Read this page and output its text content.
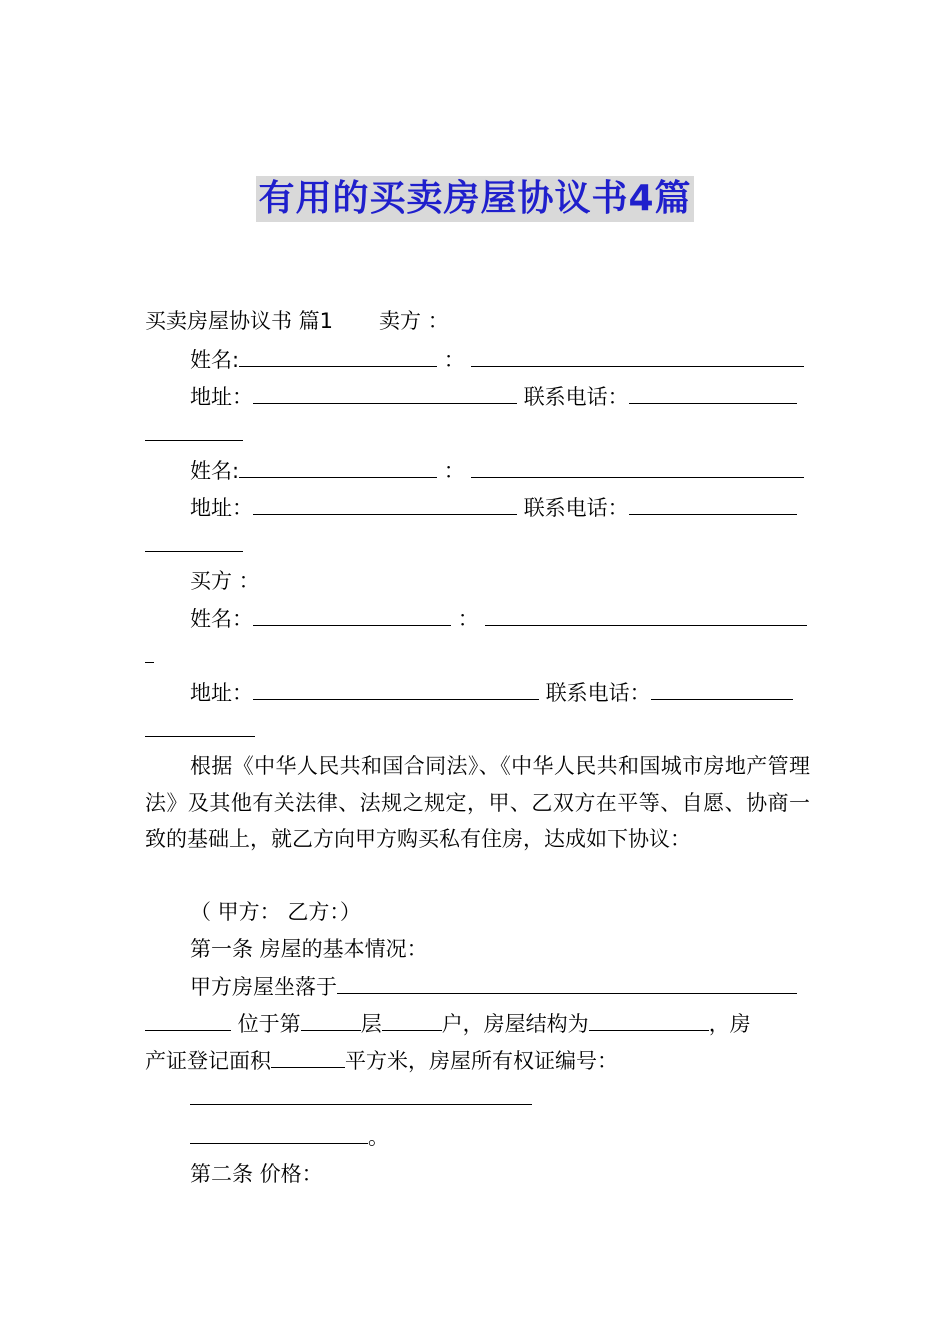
有用的买卖房屋协议书4篇
买卖房屋协议书 篇1 卖方 ：
姓名:	：
地址：	联系电话：
姓名:	：
地址：	联系电话：
买方 ：
姓名：	：
地址：	联系电话：
根据《中华人民共和国合同法》、《中华人民共和国城市房地产管理法》及其他有关法律、法规之规定，甲、乙双方在平等、自愿、协商一致的基础上，就乙方向甲方购买私有住房，达成如下协议：
（ 甲方： 乙方：）
第一条 房屋的基本情况：
甲方房屋坐落于
位于第	层	户，房屋结构为	，房
产证登记面积	平方米，房屋所有权证编号：
。
第二条 价格：
